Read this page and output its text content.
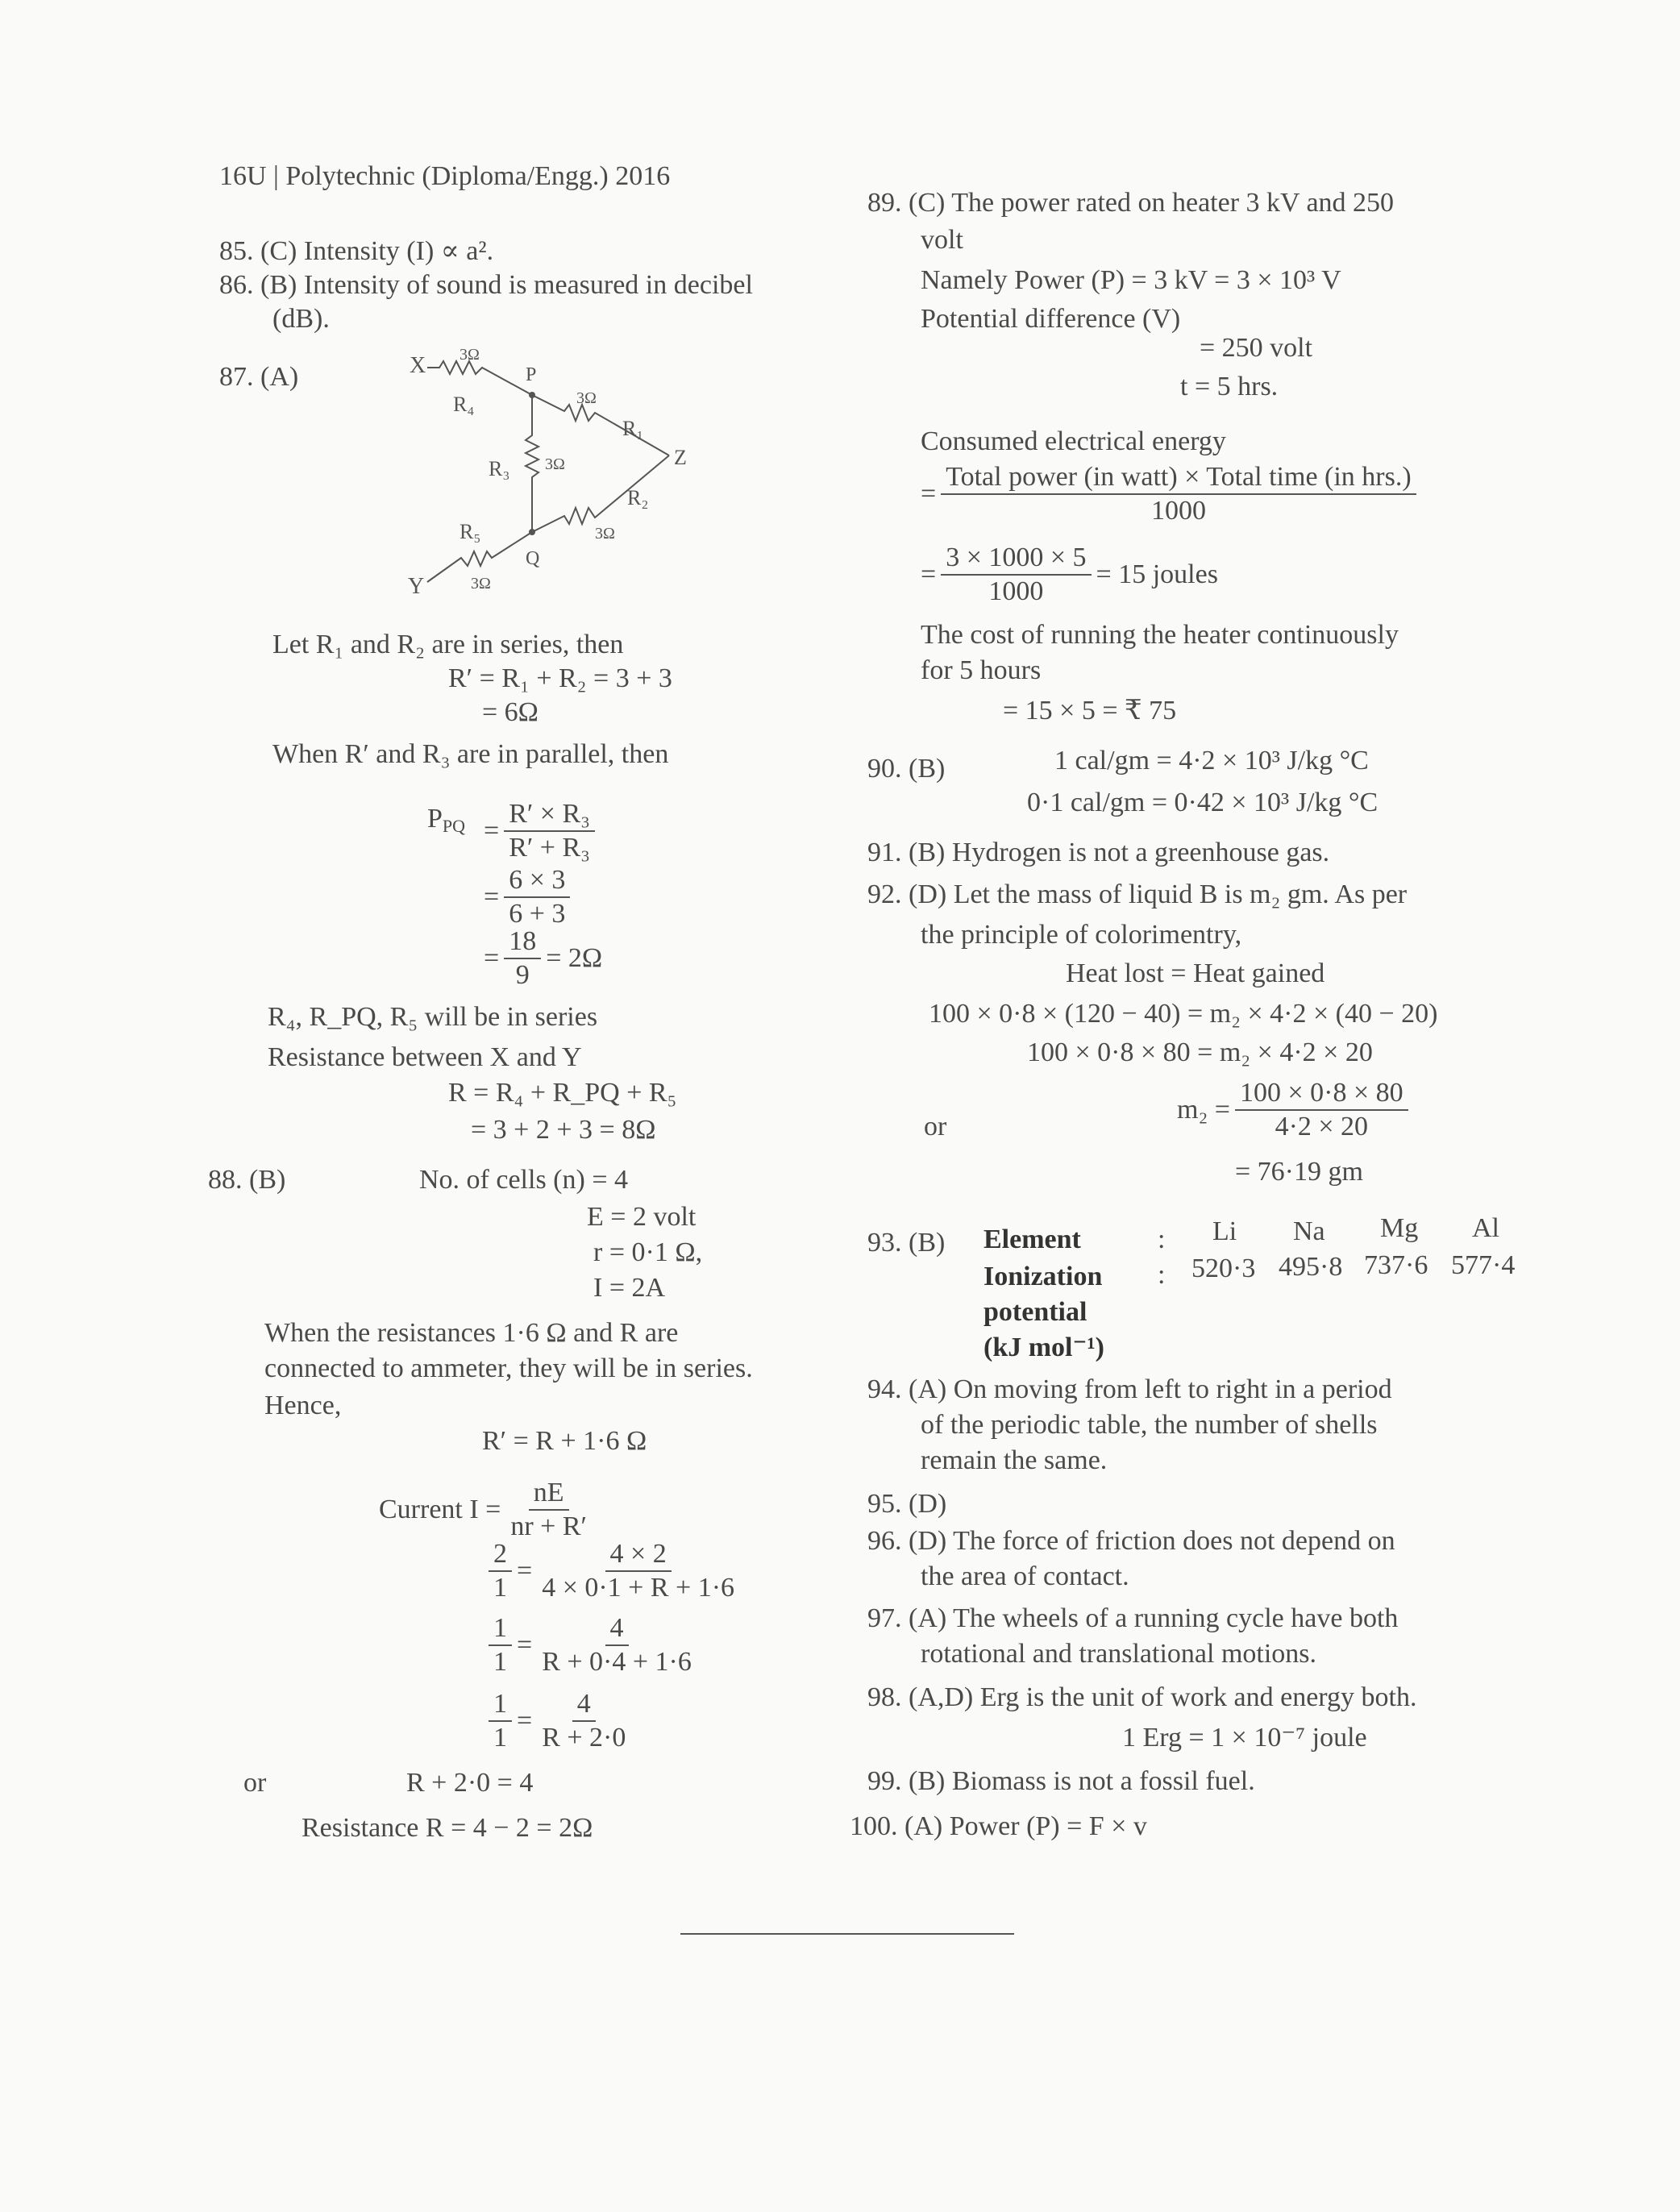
16U | Polytechnic (Diploma/Engg.) 2016
85. (C) Intensity (I) ∝ a².
86. (B) Intensity of sound is measured in decibel
(dB).
87. (A)	X 3Ω
R₄
P
3Ω
R₁
Z
R₃ 3Ω
R₂
3Ω
Q
R₅
3Ω
Y
Let R₁ and R₂ are in series, then
R′ = R₁ + R₂ = 3 + 3
= 6Ω
When R′ and R₃ are in parallel, then
$P_{PQ} = \frac{\text{R′ × R₃}}{\text{R′ + R₃}}$
= $\frac{6 \times 3}{6 + 3}$
= $\frac{18}{9} = 2\Omega$
R₄, R_PQ, R₅ will be in series
Resistance between X and Y
R = R₄ + R_PQ + R₅
= 3 + 2 + 3 = 8Ω
88. (B)	No. of cells (n) = 4
E = 2 volt
r = 0·1 Ω,
I = 2A
When the resistances 1·6 Ω and R are
connected to ammeter, they will be in series.
Hence,
R′ = R + 1·6 Ω
Current $I = \frac{nE}{nr + R'}$
$\frac{2}{1} = \frac{4 \times 2}{4 \times 0\cdot 1 + R + 1\cdot 6}$
$\frac{1}{1} = \frac{4}{R + 0\cdot 4 + 1\cdot 6}$
$\frac{1}{1} = \frac{4}{R + 2\cdot 0}$
or	R + 2·0 = 4
Resistance R = 4 − 2 = 2Ω
89. (C) The power rated on heater 3 kV and 250
volt
Namely Power (P) = 3 kV = 3 × 10³ V
Potential difference (V)
= 250 volt
t = 5 hrs.
Consumed electrical energy
= $\frac{\text{Total power (in watt) × Total time (in hrs.)}}{1000}$
= $\frac{3 \times 1000 \times 5}{1000} = 15$ joules
The cost of running the heater continuously
for 5 hours
= 15 × 5 = ₹ 75
90. (B)	1 cal/gm = 4·2 × 10³ J/kg °C
0·1 cal/gm = 0·42 × 10³ J/kg °C
91. (B) Hydrogen is not a greenhouse gas.
92. (D) Let the mass of liquid B is m₂ gm. As per
the principle of colorimentry,
Heat lost = Heat gained
100 × 0·8 × (120 − 40) = m₂ × 4·2 × (40 − 20)
100 × 0·8 × 80 = m₂ × 4·2 × 20
or
$m_2 = \frac{100 \times 0\cdot 8 \times 80}{4\cdot 2 \times 20}$
= 76·19 gm
93. (B) Element	: Li Na Mg Al
Ionization : 520·3 495·8 737·6 577·4
potential
(kJ mol⁻¹)
94. (A) On moving from left to right in a period
of the periodic table, the number of shells
remain the same.
95. (D)
96. (D) The force of friction does not depend on
the area of contact.
97. (A) The wheels of a running cycle have both
rotational and translational motions.
98. (A,D) Erg is the unit of work and energy both.
1 Erg = 1 × 10⁻⁷ joule
99. (B) Biomass is not a fossil fuel.
100. (A) Power (P) = F × v
